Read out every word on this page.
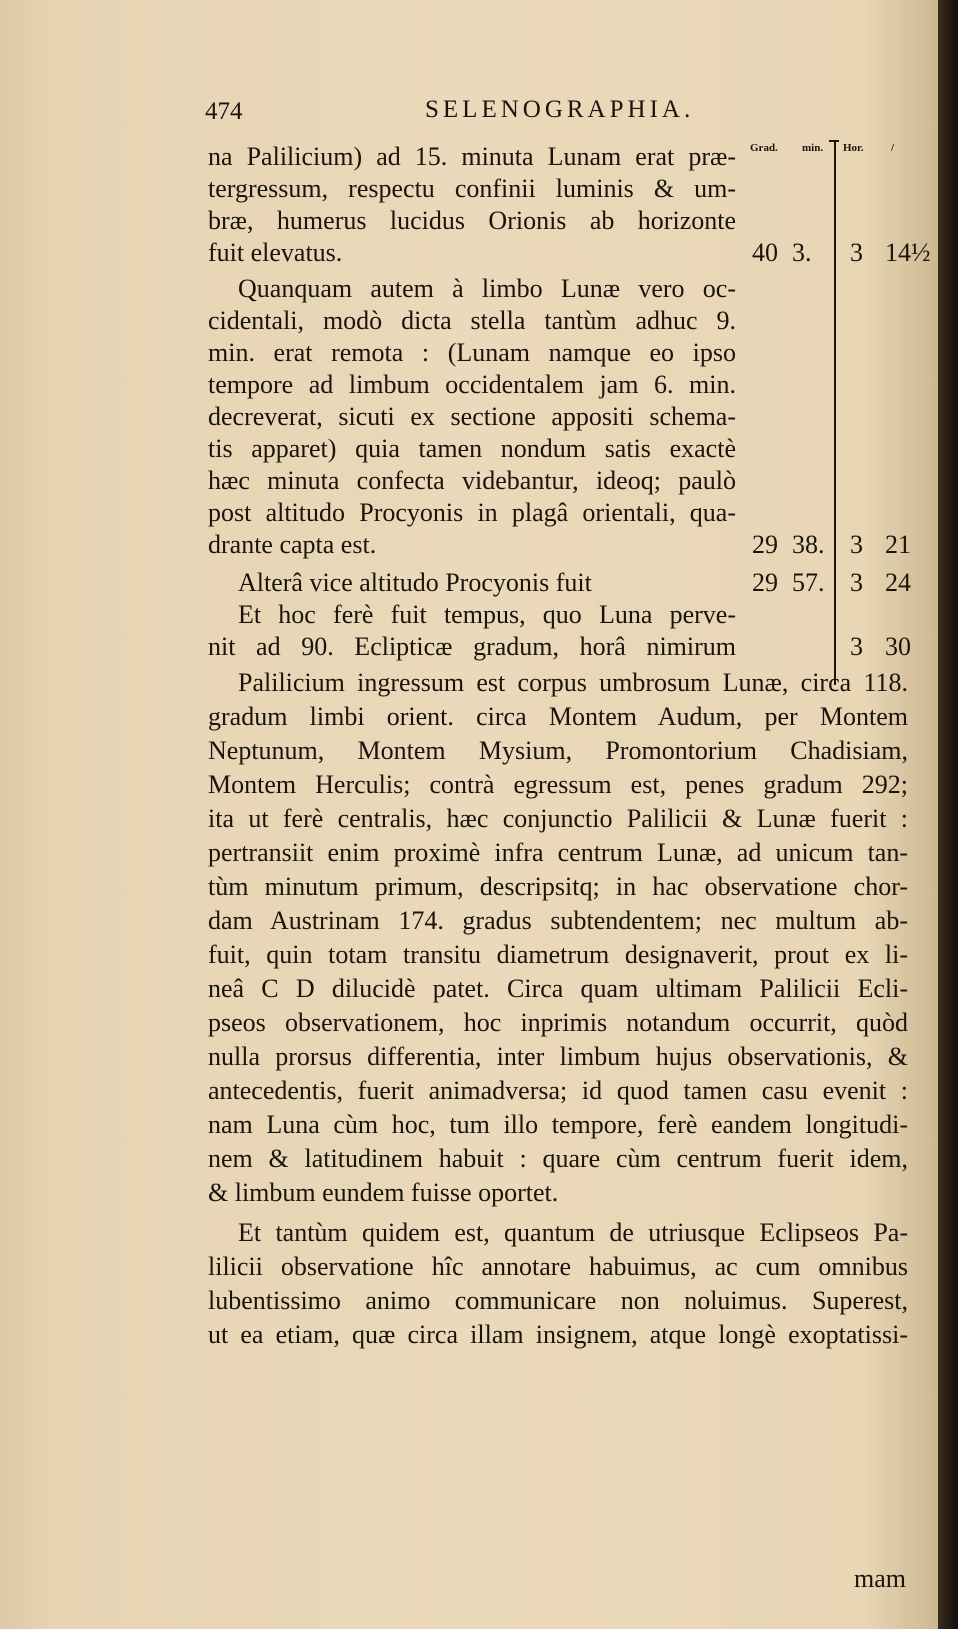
474	SELENOGRAPHIA.
Grad. min. Hor. /
na Palilicium) ad 15. minuta Lunam erat præ-
tergressum, respectu confinii luminis & um-
bræ, humerus lucidus Orionis ab horizonte
fuit elevatus.
Quanquam autem à limbo Lunæ vero oc-
cidentali, modò dicta stella tantùm adhuc 9.
min. erat remota : (Lunam namque eo ipso
tempore ad limbum occidentalem jam 6. min.
decreverat, sicuti ex sectione appositi schema-
tis apparet) quia tamen nondum satis exactè
hæc minuta confecta videbantur, ideoq; paulò
post altitudo Procyonis in plagâ orientali, qua-
drante capta est.
Alterâ vice altitudo Procyonis fuit
Et hoc ferè fuit tempus, quo Luna perve-
nit ad 90. Eclipticæ gradum, horâ nimirum
Palilicium ingressum est corpus umbrosum Lunæ, circa 118.
gradum limbi orient. circa Montem Audum, per Montem
Neptunum, Montem Mysium, Promontorium Chadisiam,
Montem Herculis; contrà egressum est, penes gradum 292;
ita ut ferè centralis, hæc conjunctio Palilicii & Lunæ fuerit :
pertransiit enim proximè infra centrum Lunæ, ad unicum tan-
tùm minutum primum, descripsitq; in hac observatione chor-
dam Austrinam 174. gradus subtendentem; nec multum ab-
fuit, quin totam transitu diametrum designaverit, prout ex li-
neâ C D dilucidè patet. Circa quam ultimam Palilicii Ecli-
pseos observationem, hoc inprimis notandum occurrit, quòd
nulla prorsus differentia, inter limbum hujus observationis, &
antecedentis, fuerit animadversa; id quod tamen casu evenit :
nam Luna cùm hoc, tum illo tempore, ferè eandem longitudi-
nem & latitudinem habuit : quare cùm centrum fuerit idem,
& limbum eundem fuisse oportet.
Et tantùm quidem est, quantum de utriusque Eclipseos Pa-
lilicii observatione hîc annotare habuimus, ac cum omnibus
lubentissimo animo communicare non noluimus. Superest,
ut ea etiam, quæ circa illam insignem, atque longè exoptatissi-
40 3. 3 14½
29 38. 3 21
29 57. 3 24
3 30
mam
